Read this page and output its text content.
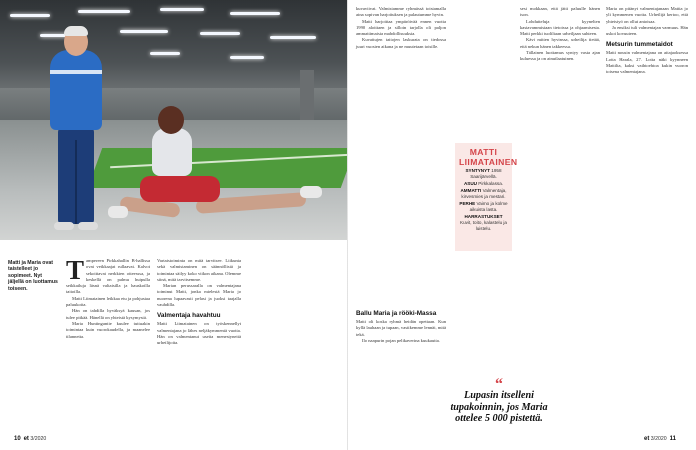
Matti ja Maria ovat taistelleet jo sopimeet. Nyt jäljellä on luottamus toiseen.

Tampereen Pirkkahallin B-hallissa ovat veikkaajat rullaavat. Kalvot sekoittavat nerkkien otteesssa, ja keskellä on palmu huipulla seikkailuja läsnä valtaisilla ja hauskoilla taitoilla.

Matti Liimatainen leikkaa etu ja pohjustaa paluukoita.

Hän on tahdilla hyväksyä kausan, jos tulee pitkää. Hänellä on yhteistä kysymystä.

Maria Huntingantie kuulee tuttuakin toimintaa kuin vuorokaudella, ja maanelee tilannetta.

Vartaistoiminta on mitä tarvitsee. Liikunta sekä valmistaminen on säännöllistä ja toimintaa säilyy koko viikon aikana. Olemme siinä, mitä tarvitsemme.

Marian perussaralla on valmentajana toiminut Matti, jonka mielestä Maria jo nuorena lupaavasti pelasi ja juoksi taajalla vauhdilla.

Valmentaja havahtuu

Matti Liimatainen on työskennellyt valmentajana jo lähes neljäkymmentä vuotta. Hän on valmentanut useita menestyneitä urheilijoita.

10 et 3/2020

kuvaviivat. Valmistamme ryhmässä toistamalla aina sopivan harjoituksen ja palautumme hyvin.

Matti harjoittaa ympäröivää ennen vuotta 1990 aloittaen ja silloin tarjolla oli paljon ammattimaisia mahdollisuuksia.

Kuvattujen taitojen laskurata on tiedossa juuri vuosien aikana ja ne muutetaan toisille.

MATTI LIIMATAINEN
SYNTYNYT 1958 Saarijärvellä.
ASUU Pirkkalassa.
AMMATTI Valmentaja, kirvesmies ja mestari.
PERHE Vaimo ja kolme aikuista lasta.
HARRASTUKSET Kuvit, toito, kalastelu ja luistelu.
Ballu Maria ja rööki-Massa

Matti oli koska ryhmä heidän opettaan. Kun kyllä lauhaan ja tupaan, vastikemme lennäi, mitä tekä.

Ilo naapurin pojan pelikaverina kuukautta.

“
Lupasin itselleni tupakoinnin, jos Maria ottelee 5 000 pistettä.

sesi mokkaan, että jätti paluulle hänen ison.

Lohdutteluja kyynelten kastavammistaan tietoissa ja ohjaamisesta. Matti perkki tuoliltaan urheiljaan suhteen.

Kävi mitten hyvinssa, urheilija tietää, että nekun hänen takkeessa.

Tällainen luottamus syntyy vasta ajan kuluessa ja on ainutlaatuinen.

Maria on pitänyt valmentajanaan Mattia jo yli kymmenen vuotta. Urheilijä kertoo, että yhteistyö on ollut antoisaa.

Ja ensiksi tuli valmentajan varmuus. Hän uskoi kovuuteen.

Metsurin tummetaidot

Matti nousin valmentajana on aitajaoksessa Lotta Harala, 27. Lotta näki kyynneen Mattilta, kaksi vaihtoehtoa kukin vuoron toisena valmentajana.

et 3/2020 11
